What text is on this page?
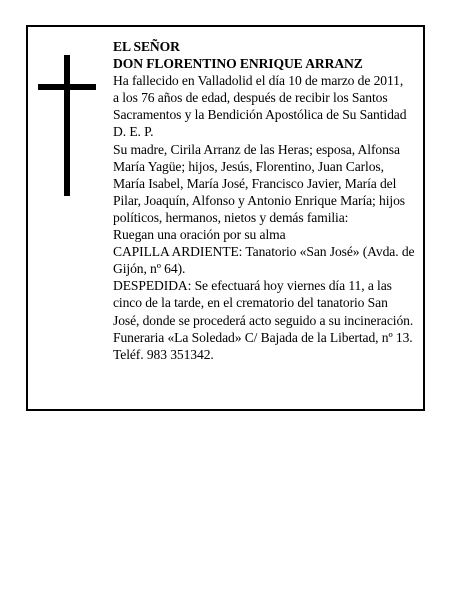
EL SEÑOR
DON FLORENTINO ENRIQUE ARRANZ
Ha fallecido en Valladolid el día 10 de marzo de 2011,
a los 76 años de edad, después de recibir los Santos
Sacramentos y la Bendición Apostólica de Su Santidad
D. E. P.
Su madre, Cirila Arranz de las Heras; esposa, Alfonsa
María Yagüe; hijos, Jesús, Florentino, Juan Carlos,
María Isabel, María José, Francisco Javier, María del
Pilar, Joaquín, Alfonso y Antonio Enrique María; hijos
políticos, hermanos, nietos y demás familia:
Ruegan una oración por su alma
CAPILLA ARDIENTE: Tanatorio «San José» (Avda. de
Gijón, nº 64).
DESPEDIDA: Se efectuará hoy viernes día 11, a las
cinco de la tarde, en el crematorio del tanatorio San
José, donde se procederá acto seguido a su incineración.
Funeraria «La Soledad» C/ Bajada de la Libertad, nº 13.
Teléf. 983 351342.
